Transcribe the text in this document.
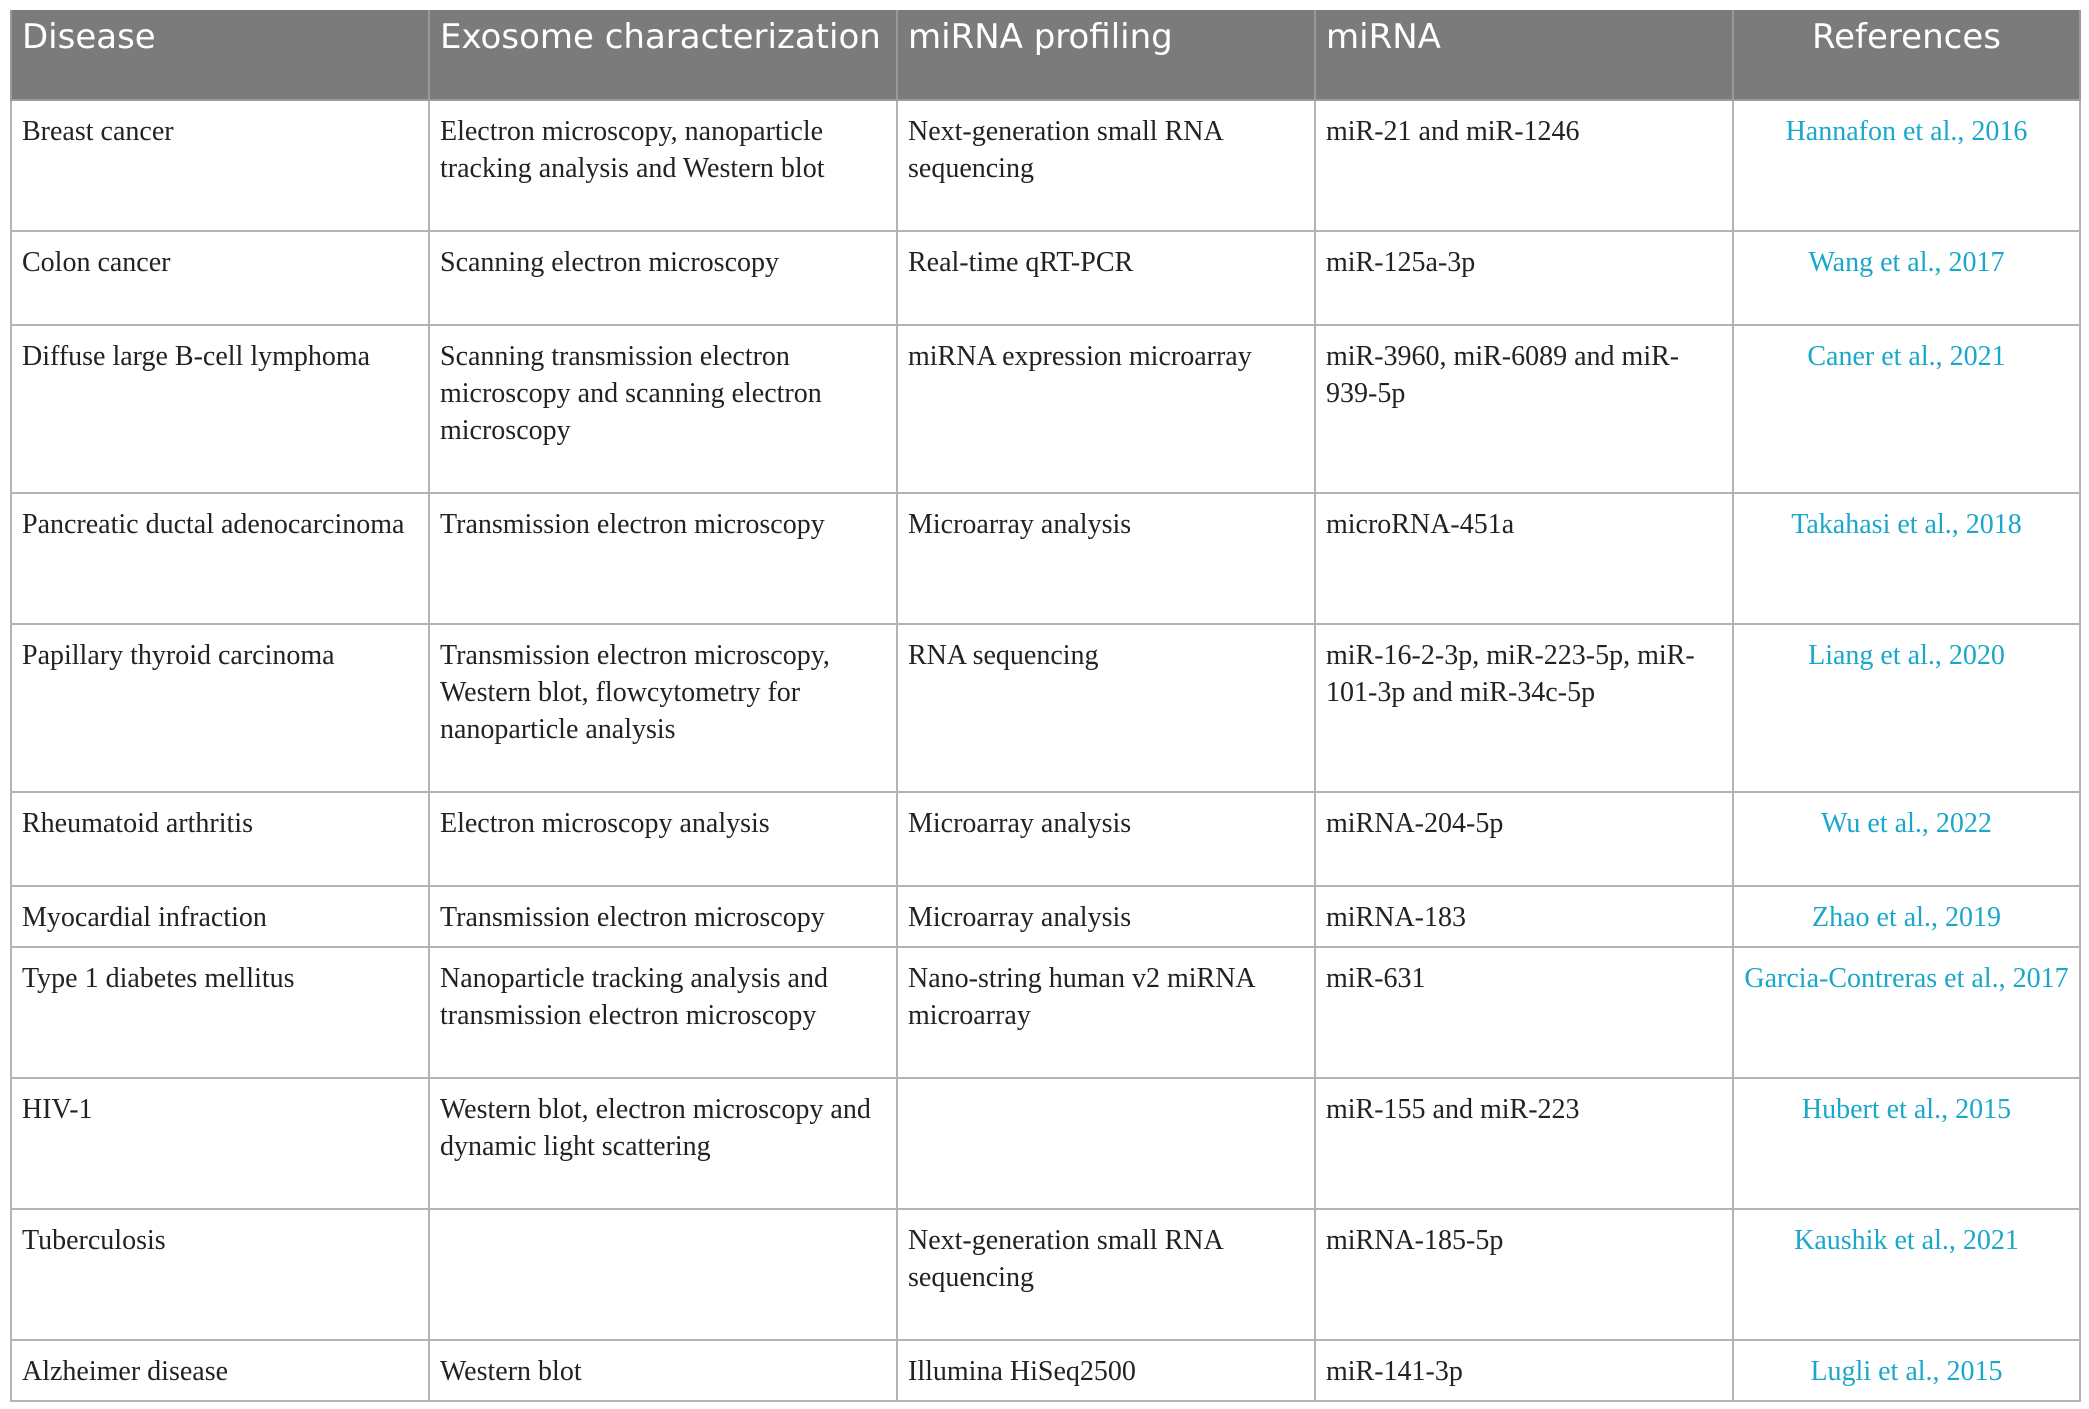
Disease	Exosome characterization	miRNA profiling	miRNA	References
Breast cancer	Electron microscopy, nanoparticle tracking analysis and Western blot	Next-generation small RNA sequencing	miR-21 and miR-1246	Hannafon et al., 2016
Colon cancer	Scanning electron microscopy	Real-time qRT-PCR	miR-125a-3p	Wang et al., 2017
Diffuse large B-cell lymphoma	Scanning transmission electron microscopy and scanning electron microscopy	miRNA expression microarray	miR-3960, miR-6089 and miR-939-5p	Caner et al., 2021
Pancreatic ductal adenocarcinoma	Transmission electron microscopy	Microarray analysis	microRNA-451a	Takahasi et al., 2018
Papillary thyroid carcinoma	Transmission electron microscopy, Western blot, flowcytometry for nanoparticle analysis	RNA sequencing	miR-16-2-3p, miR-223-5p, miR-101-3p and miR-34c-5p	Liang et al., 2020
Rheumatoid arthritis	Electron microscopy analysis	Microarray analysis	miRNA-204-5p	Wu et al., 2022
Myocardial infraction	Transmission electron microscopy	Microarray analysis	miRNA-183	Zhao et al., 2019
Type 1 diabetes mellitus	Nanoparticle tracking analysis and transmission electron microscopy	Nano-string human v2 miRNA microarray	miR-631	Garcia-Contreras et al., 2017
HIV-1	Western blot, electron microscopy and dynamic light scattering		miR-155 and miR-223	Hubert et al., 2015
Tuberculosis		Next-generation small RNA sequencing	miRNA-185-5p	Kaushik et al., 2021
Alzheimer disease	Western blot	Illumina HiSeq2500	miR-141-3p	Lugli et al., 2015
